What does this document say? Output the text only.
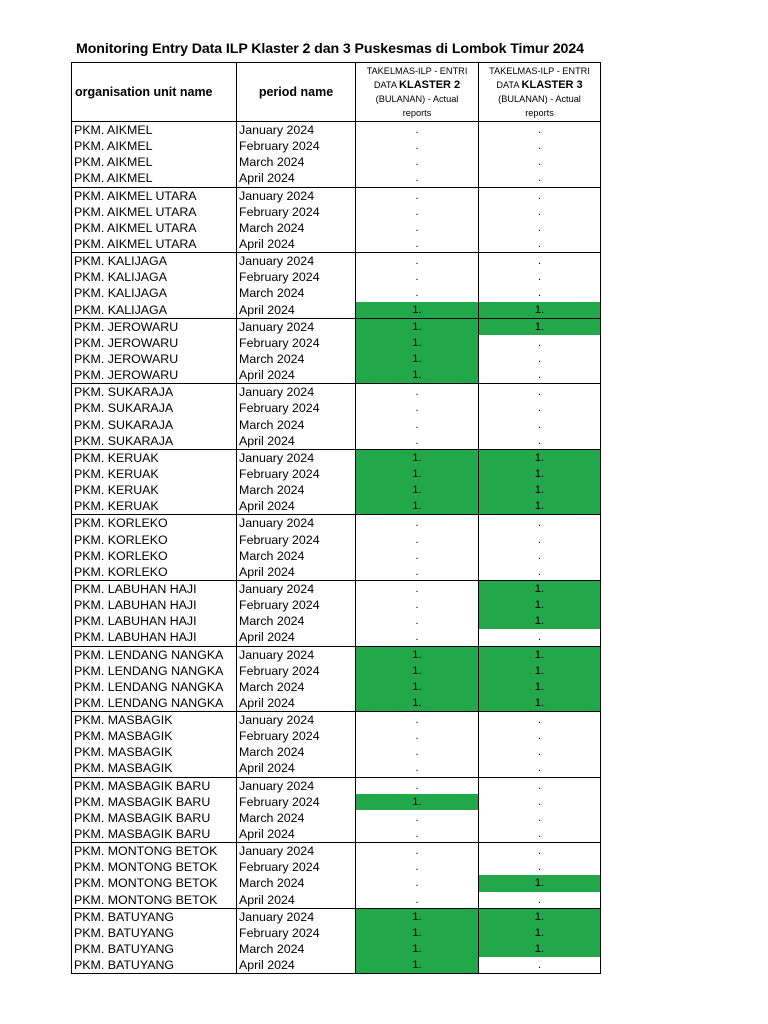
Monitoring Entry Data ILP Klaster 2 dan 3 Puskesmas di Lombok Timur 2024
organisation unit name	period name
TAKELMAS-ILP - ENTRI
DATA KLASTER 2
(BULANAN) - Actual
reports
TAKELMAS-ILP - ENTRI
DATA KLASTER 3
(BULANAN) - Actual
reports
PKM. AIKMEL	January 2024	.	.
PKM. AIKMEL	February 2024	.	.
PKM. AIKMEL	March 2024	.	.
PKM. AIKMEL	April 2024	.	.
PKM. AIKMEL UTARA	January 2024	.	.
PKM. AIKMEL UTARA	February 2024	.	.
PKM. AIKMEL UTARA	March 2024	.	.
PKM. AIKMEL UTARA	April 2024	.	.
PKM. KALIJAGA	January 2024	.	.
PKM. KALIJAGA	February 2024	.	.
PKM. KALIJAGA	March 2024	.	.
PKM. KALIJAGA	April 2024	1.	1.
PKM. JEROWARU	January 2024	1.	1.
PKM. JEROWARU	February 2024	1.	.
PKM. JEROWARU	March 2024	1.	.
PKM. JEROWARU	April 2024	1.	.
PKM. SUKARAJA	January 2024	.	.
PKM. SUKARAJA	February 2024	.	.
PKM. SUKARAJA	March 2024	.	.
PKM. SUKARAJA	April 2024	.	.
PKM. KERUAK	January 2024	1.	1.
PKM. KERUAK	February 2024	1.	1.
PKM. KERUAK	March 2024	1.	1.
PKM. KERUAK	April 2024	1.	1.
PKM. KORLEKO	January 2024	.	.
PKM. KORLEKO	February 2024	.	.
PKM. KORLEKO	March 2024	.	.
PKM. KORLEKO	April 2024	.	.
PKM. LABUHAN HAJI	January 2024	.	1.
PKM. LABUHAN HAJI	February 2024	.	1.
PKM. LABUHAN HAJI	March 2024	.	1.
PKM. LABUHAN HAJI	April 2024	.	.
PKM. LENDANG NANGKA	January 2024	1.	1.
PKM. LENDANG NANGKA	February 2024	1.	1.
PKM. LENDANG NANGKA	March 2024	1.	1.
PKM. LENDANG NANGKA	April 2024	1.	1.
PKM. MASBAGIK	January 2024	.	.
PKM. MASBAGIK	February 2024	.	.
PKM. MASBAGIK	March 2024	.	.
PKM. MASBAGIK	April 2024	.	.
PKM. MASBAGIK BARU	January 2024	.	.
PKM. MASBAGIK BARU	February 2024	1.	.
PKM. MASBAGIK BARU	March 2024	.	.
PKM. MASBAGIK BARU	April 2024	.	.
PKM. MONTONG BETOK	January 2024	.	.
PKM. MONTONG BETOK	February 2024	.	.
PKM. MONTONG BETOK	March 2024	.	1.
PKM. MONTONG BETOK	April 2024	.	.
PKM. BATUYANG	January 2024	1.	1.
PKM. BATUYANG	February 2024	1.	1.
PKM. BATUYANG	March 2024	1.	1.
PKM. BATUYANG	April 2024	1.	.
